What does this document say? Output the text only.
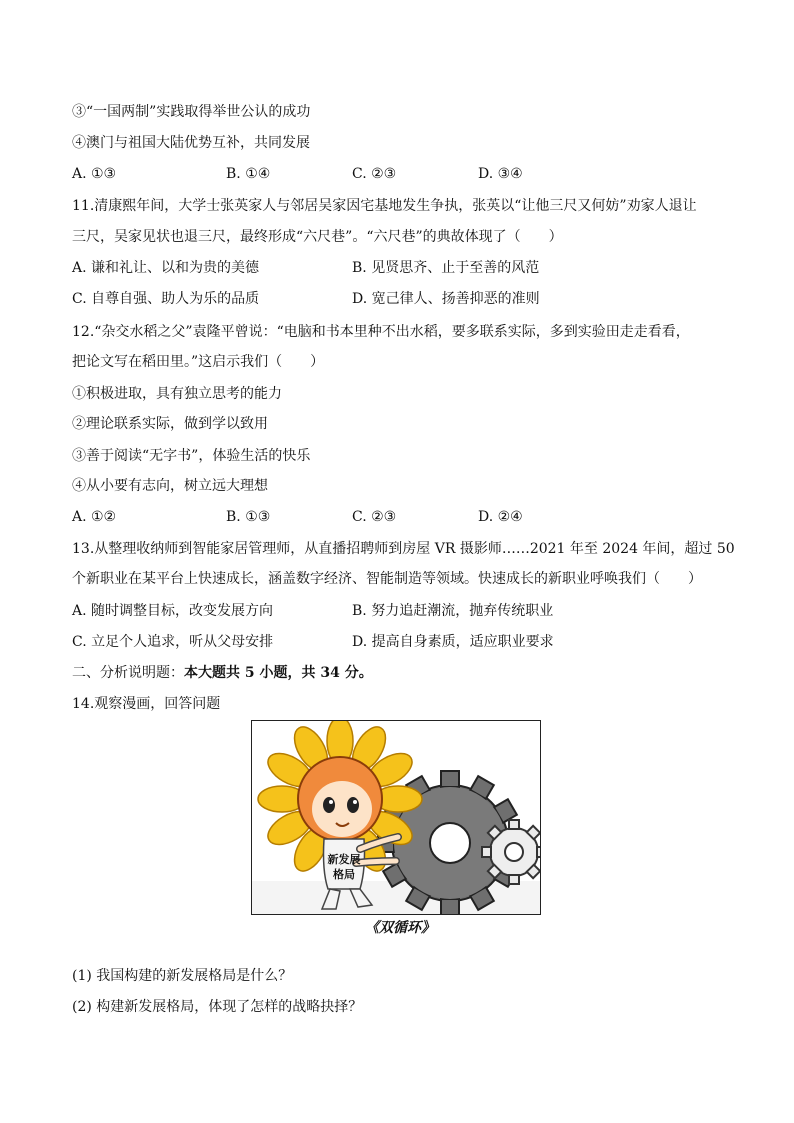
③“一国两制”实践取得举世公认的成功
④澳门与祖国大陆优势互补，共同发展
A. ①③	B. ①④	C. ②③	D. ③④
11.清康熙年间，大学士张英家人与邻居吴家因宅基地发生争执，张英以“让他三尺又何妨”劝家人退让
三尺，吴家见状也退三尺，最终形成“六尺巷”。“六尺巷”的典故体现了（　　）
A. 谦和礼让、以和为贵的美德	B. 见贤思齐、止于至善的风范
C. 自尊自强、助人为乐的品质	D. 宽己律人、扬善抑恶的准则
12.“杂交水稻之父”袁隆平曾说：“电脑和书本里种不出水稻，要多联系实际，多到实验田走走看看，
把论文写在稻田里。”这启示我们（　　）
①积极进取，具有独立思考的能力
②理论联系实际，做到学以致用
③善于阅读“无字书”，体验生活的快乐
④从小要有志向，树立远大理想
A. ①②	B. ①③	C. ②③	D. ②④
13.从整理收纳师到智能家居管理师，从直播招聘师到房屋 VR 摄影师……2021 年至 2024 年间，超过 50
个新职业在某平台上快速成长，涵盖数字经济、智能制造等领域。快速成长的新职业呼唤我们（　　）
A. 随时调整目标，改变发展方向	B. 努力追赶潮流，抛弃传统职业
C. 立足个人追求，听从父母安排	D. 提高自身素质，适应职业要求
二、分析说明题：本大题共 5 小题，共 34 分。
14.观察漫画，回答问题
新发展
格局
《双循环》
(1) 我国构建的新发展格局是什么？
(2) 构建新发展格局，体现了怎样的战略抉择？
